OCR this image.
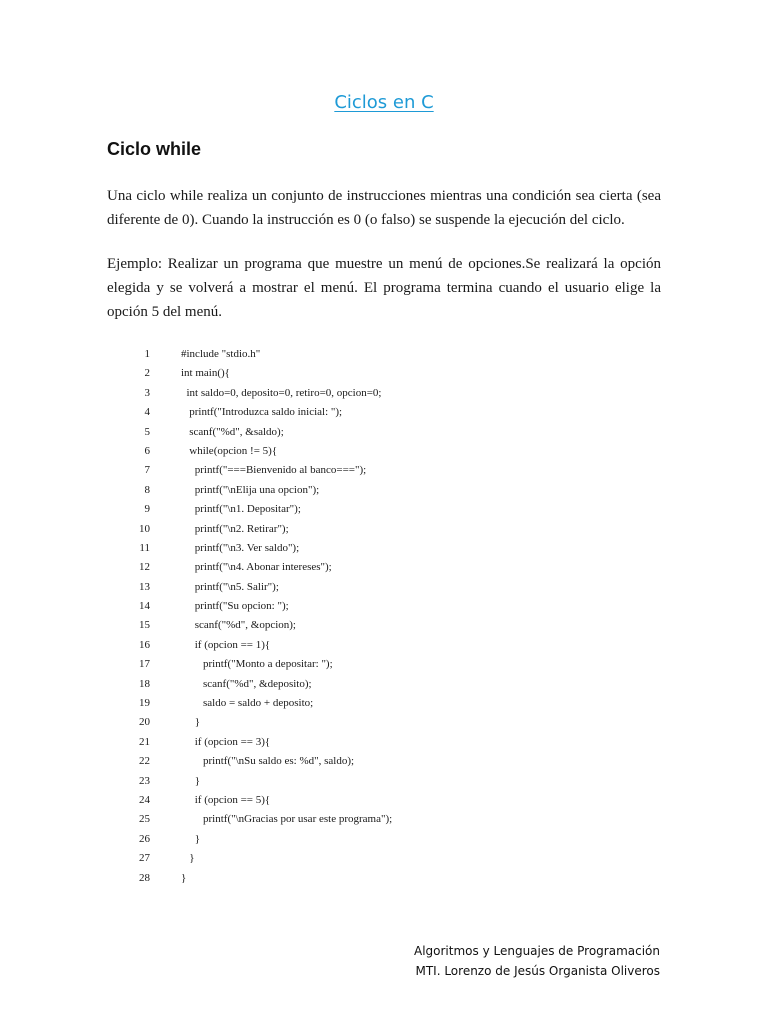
Ciclos en C
Ciclo while

Una ciclo while realiza un conjunto de instrucciones mientras una condición sea cierta (sea diferente de 0). Cuando la instrucción es 0 (o falso) se suspende la ejecución del ciclo.

Ejemplo: Realizar un programa que muestre un menú de opciones.Se realizará la opción elegida y se volverá a mostrar el menú. El programa termina cuando el usuario elige la opción 5 del menú.

1	#include "stdio.h"
2	int main(){
3	int saldo=0, deposito=0, retiro=0, opcion=0;
4	printf("Introduzca saldo inicial: ");
5	scanf("%d", &saldo);
6	while(opcion != 5){
7	printf("===Bienvenido al banco===");
8	printf("\nElija una opcion");
9	printf("\n1. Depositar");
10	printf("\n2. Retirar");
11	printf("\n3. Ver saldo");
12	printf("\n4. Abonar intereses");
13	printf("\n5. Salir");
14	printf("Su opcion: ");
15	scanf("%d", &opcion);
16	if (opcion == 1){
17	printf("Monto a depositar: ");
18	scanf("%d", &deposito);
19	saldo = saldo + deposito;
20	}
21	if (opcion == 3){
22	printf("\nSu saldo es: %d", saldo);
23	}
24	if (opcion == 5){
25	printf("\nGracias por usar este programa");
26	}
27	}
28	}
Algoritmos y Lenguajes de Programación
MTI. Lorenzo de Jesús Organista Oliveros
